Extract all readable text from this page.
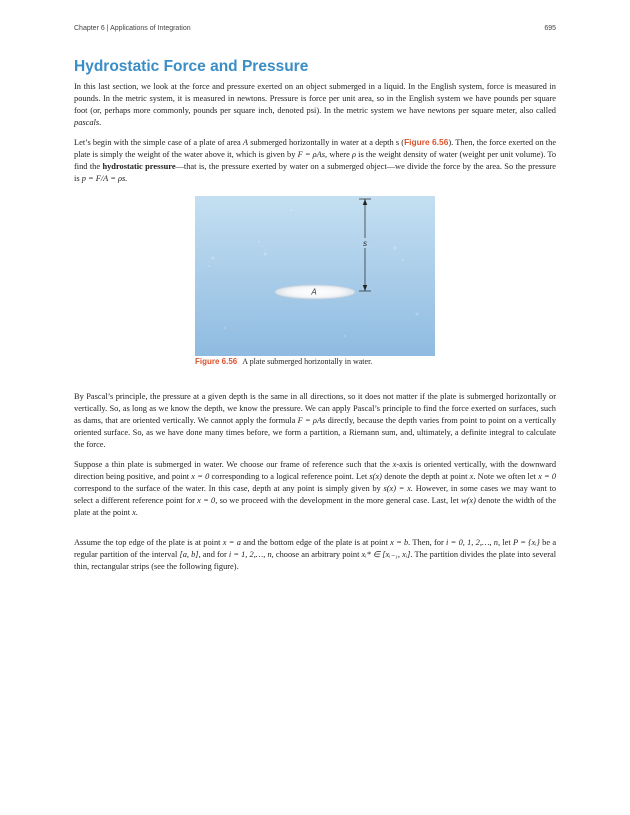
Chapter 6 | Applications of Integration	695
Hydrostatic Force and Pressure

In this last section, we look at the force and pressure exerted on an object submerged in a liquid. In the English system, force is measured in pounds. In the metric system, it is measured in newtons. Pressure is force per unit area, so in the English system we have pounds per square foot (or, perhaps more commonly, pounds per square inch, denoted psi). In the metric system we have newtons per square meter, also called pascals.

Let’s begin with the simple case of a plate of area A submerged horizontally in water at a depth s (Figure 6.56). Then, the force exerted on the plate is simply the weight of the water above it, which is given by F = ρAs, where ρ is the weight density of water (weight per unit volume). To find the hydrostatic pressure—that is, the pressure exerted by water on a submerged object—we divide the force by the area. So the pressure is p = F/A = ρs.

A
s
Figure 6.56 A plate submerged horizontally in water.

By Pascal’s principle, the pressure at a given depth is the same in all directions, so it does not matter if the plate is submerged horizontally or vertically. So, as long as we know the depth, we know the pressure. We can apply Pascal’s principle to find the force exerted on surfaces, such as dams, that are oriented vertically. We cannot apply the formula F = ρAs directly, because the depth varies from point to point on a vertically oriented surface. So, as we have done many times before, we form a partition, a Riemann sum, and, ultimately, a definite integral to calculate the force.

Suppose a thin plate is submerged in water. We choose our frame of reference such that the x-axis is oriented vertically, with the downward direction being positive, and point x = 0 corresponding to a logical reference point. Let s(x) denote the depth at point x. Note we often let x = 0 correspond to the surface of the water. In this case, depth at any point is simply given by s(x) = x. However, in some cases we may want to select a different reference point for x = 0, so we proceed with the development in the more general case. Last, let w(x) denote the width of the plate at the point x.

Assume the top edge of the plate is at point x = a and the bottom edge of the plate is at point x = b. Then, for i = 0, 1, 2,…, n, let P = {xᵢ} be a regular partition of the interval [a, b], and for i = 1, 2,…, n, choose an arbitrary point xᵢ* ∈ [xᵢ₋₁, xᵢ]. The partition divides the plate into several thin, rectangular strips (see the following figure).
